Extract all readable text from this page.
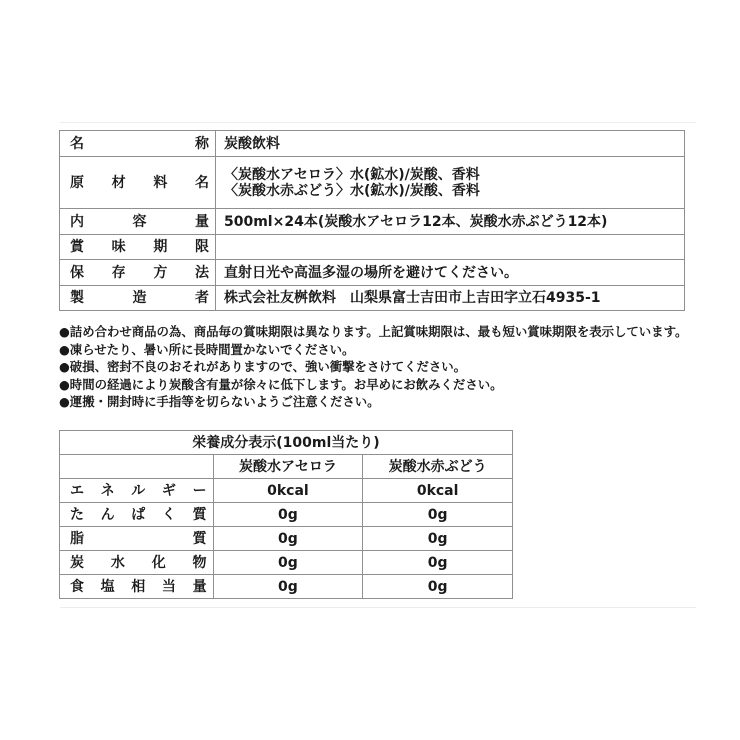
名 称	炭酸飲料

原 材 料 名	〈炭酸水アセロラ〉水(鉱水)/炭酸、香料
〈炭酸水赤ぶどう〉水(鉱水)/炭酸、香料

内 容 量	500ml×24本(炭酸水アセロラ12本、炭酸水赤ぶどう12本)

賞 味 期 限	

保 存 方 法	直射日光や高温多湿の場所を避けてください。

製 造 者	株式会社友桝飲料　山梨県富士吉田市上吉田字立石4935-1
●詰め合わせ商品の為、商品毎の賞味期限は異なります。上記賞味期限は、最も短い賞味期限を表示しています。
●凍らせたり、暑い所に長時間置かないでください。
●破損、密封不良のおそれがありますので、強い衝撃をさけてください。
●時間の経過により炭酸含有量が徐々に低下します。お早めにお飲みください。
●運搬・開封時に手指等を切らないようご注意ください。
栄養成分表示(100ml当たり)		
	炭酸水アセロラ	炭酸水赤ぶどう

エ ネ ル ギ ー	0kcal	0kcal

た ん ぱ く 質	0g	0g

脂 質	0g	0g

炭 水 化 物	0g	0g

食 塩 相 当 量	0g	0g
